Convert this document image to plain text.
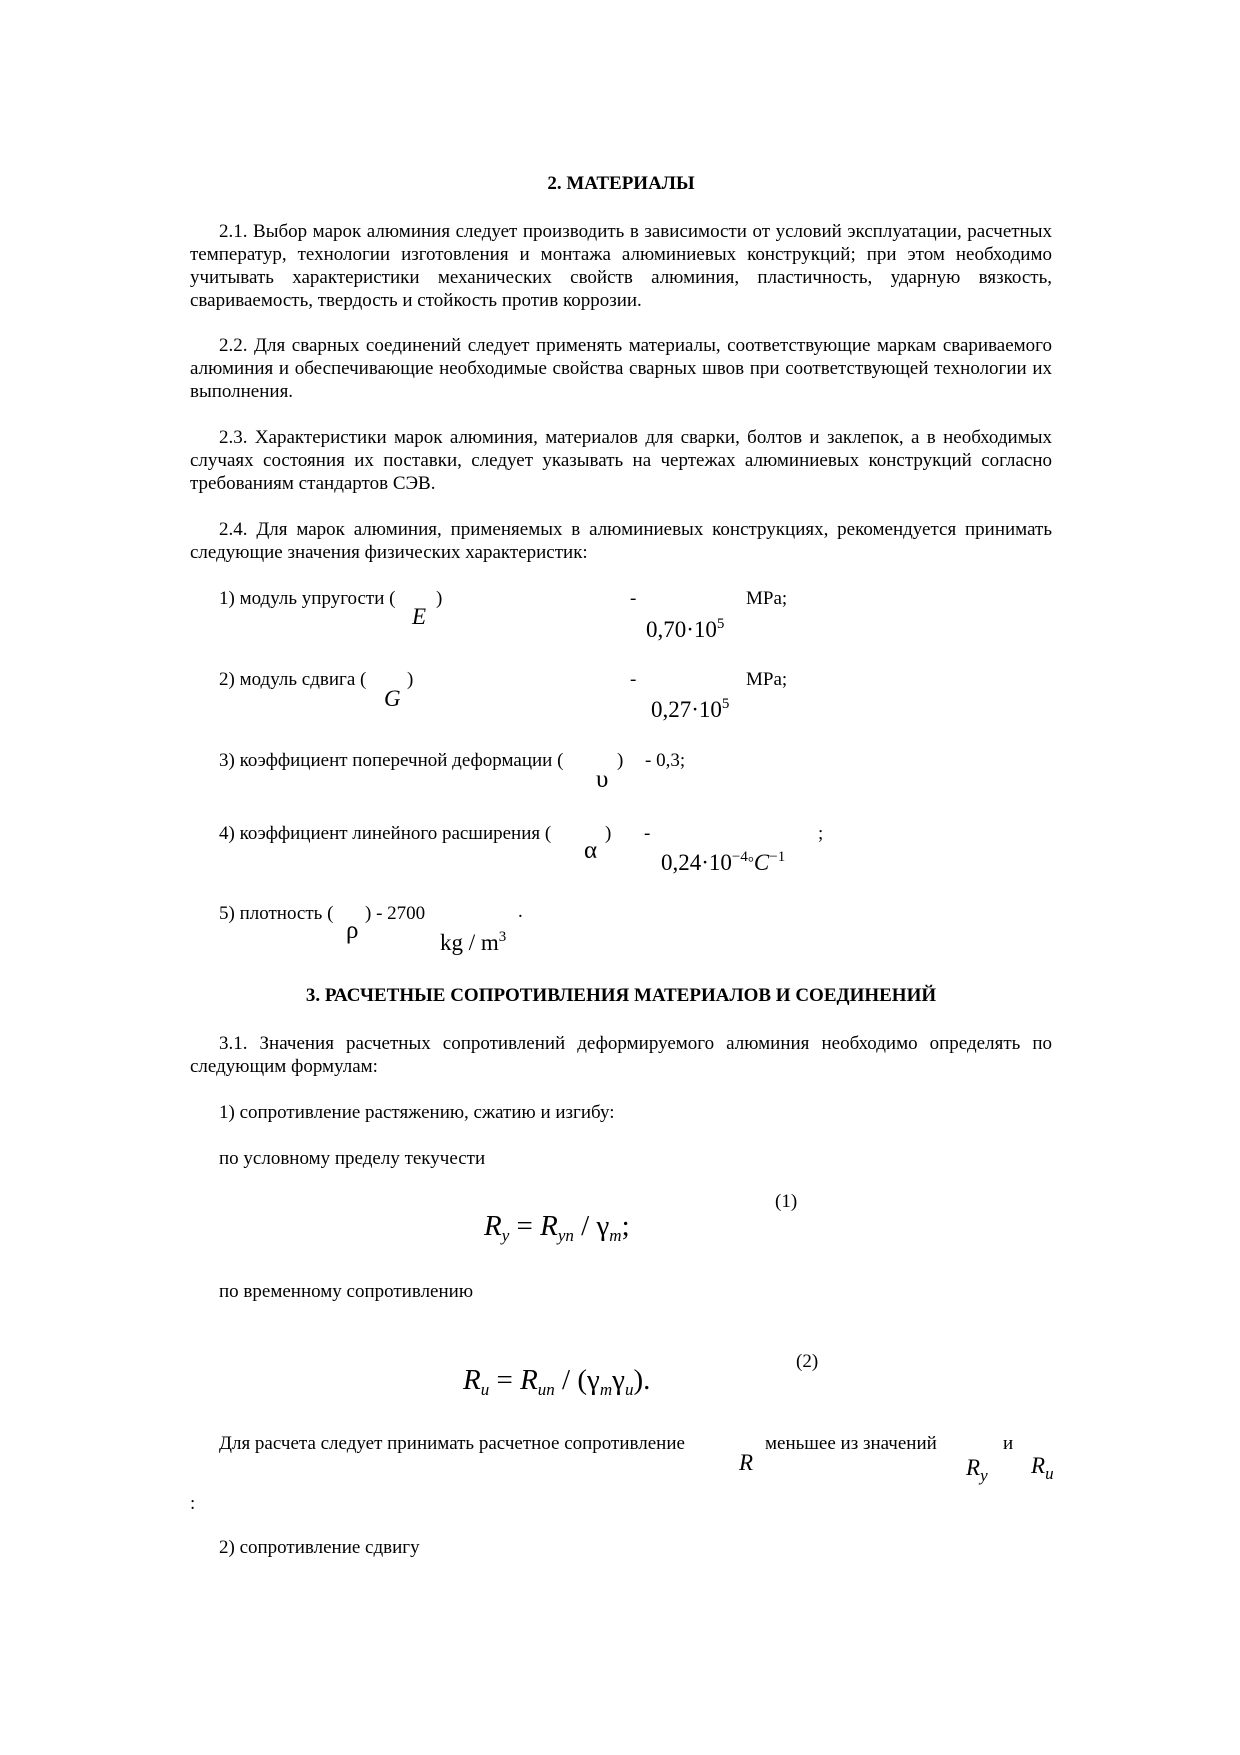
2. МАТЕРИАЛЫ
2.1. Выбор марок алюминия следует производить в зависимости от условий эксплуатации, расчетных температур, технологии изготовления и монтажа алюминиевых конструкций; при этом необходимо учитывать характеристики механических свойств алюминия, пластичность, ударную вязкость, свариваемость, твердость и стойкость против коррозии.
2.2. Для сварных соединений следует применять материалы, соответствующие маркам свариваемого алюминия и обеспечивающие необходимые свойства сварных швов при соответствующей технологии их выполнения.
2.3. Характеристики марок алюминия, материалов для сварки, болтов и заклепок, а в необходимых случаях состояния их поставки, следует указывать на чертежах алюминиевых конструкций согласно требованиям стандартов СЭВ.
2.4. Для марок алюминия, применяемых в алюминиевых конструкциях, рекомендуется принимать следующие значения физических характеристик:
1) модуль упругости ( )
E
-
$0,70\cdot 10^5$
MPa;
2) модуль сдвига ( )
G
-
$0,27\cdot 10^5$
MPa;
3) коэффициент поперечной деформации (	)
υ
- 0,3;
4) коэффициент линейного расширения (	)
α
-
$0,24\cdot 10^{-4}^\circ C^{-1}$
;
5) плотность (
ρ
) - 2700	.
kg / $m^3$
3. РАСЧЕТНЫЕ СОПРОТИВЛЕНИЯ МАТЕРИАЛОВ И СОЕДИНЕНИЙ
3.1. Значения расчетных сопротивлений деформируемого алюминия необходимо определять по следующим формулам:
1) сопротивление растяжению, сжатию и изгибу:
по условному пределу текучести
$R_y = R_{yn} / \gamma_m$;
(1)
по временному сопротивлению
$R_u = R_{un} / (\gamma_m\gamma_u)$.
(2)
Для расчета следует принимать расчетное сопротивление
R
меньшее из значений
$R_y$
и
$R_u$
:
2) сопротивление сдвигу
